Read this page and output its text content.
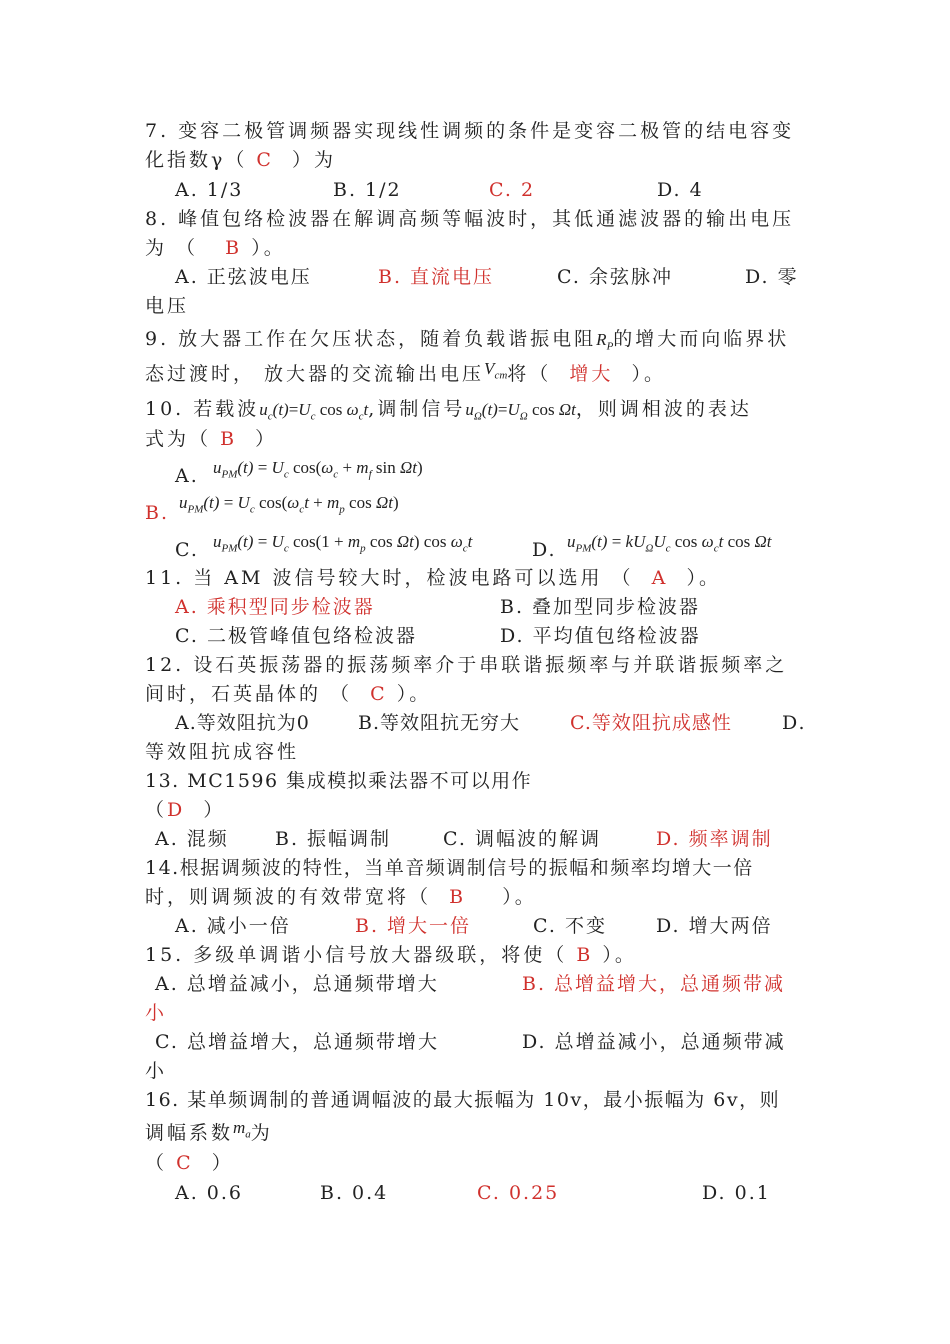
7. 变容二极管调频器实现线性调频的条件是变容二极管的结电容变
化指数γ（ C ）为
A. 1/3	B. 1/2	C. 2	D. 4
8. 峰值包络检波器在解调高频等幅波时，其低通滤波器的输出电压
为 （ B ）。
A. 正弦波电压	B. 直流电压	C. 余弦脉冲	D. 零
电压
9. 放大器工作在欠压状态，随着负载谐振电阻$R_P$的增大而向临界状
态过渡时， 放大器的交流输出电压$V_{cm}$将（ 增大 ）。
10. 若载波$u_c(t)=U_c$ $\cos \omega_ct$,调制信号$u_\Omega(t)=U_\Omega$ cos Ωt，则调相波的表达
式为（ B ）
A. $u_{PM}(t) = U_c$ $\cos(\omega_c + m_f$ sin Ωt)
B. $u_{PM}(t) = U_c$ $\cos(\omega_ct + m_p$ cos Ωt)
C. $u_{PM}(t) = U_c$ $\cos(1 + m_p$ cos Ωt) $\cos \omega_ct$	D. $u_{PM}(t) = kU_\Omega U_c$ $\cos \omega_ct$ cos Ωt
11. 当 AM 波信号较大时，检波电路可以选用 （ A ）。
A. 乘积型同步检波器	B. 叠加型同步检波器
C. 二极管峰值包络检波器	D. 平均值包络检波器
12. 设石英振荡器的振荡频率介于串联谐振频率与并联谐振频率之
间时，石英晶体的 （ C ）。
A.等效阻抗为0	B.等效阻抗无穷大	C.等效阻抗成感性	D.
等效阻抗成容性
13. MC1596 集成模拟乘法器不可以用作
（D ）
A. 混频 B. 振幅调制	C. 调幅波的解调	D. 频率调制
14.根据调频波的特性，当单音频调制信号的振幅和频率均增大一倍
时，则调频波的有效带宽将（ B ）。
A. 减小一倍	B. 增大一倍	C. 不变	D. 增大两倍
15. 多级单调谐小信号放大器级联，将使（ B ）。
A. 总增益减小，总通频带增大	B. 总增益增大，总通频带减
小
C. 总增益增大，总通频带增大	D. 总增益减小，总通频带减
小
16. 某单频调制的普通调幅波的最大振幅为 10v，最小振幅为 6v，则
调幅系数$m_a$为
（ C ）
A. 0.6	B. 0.4	C. 0.25	D. 0.1
